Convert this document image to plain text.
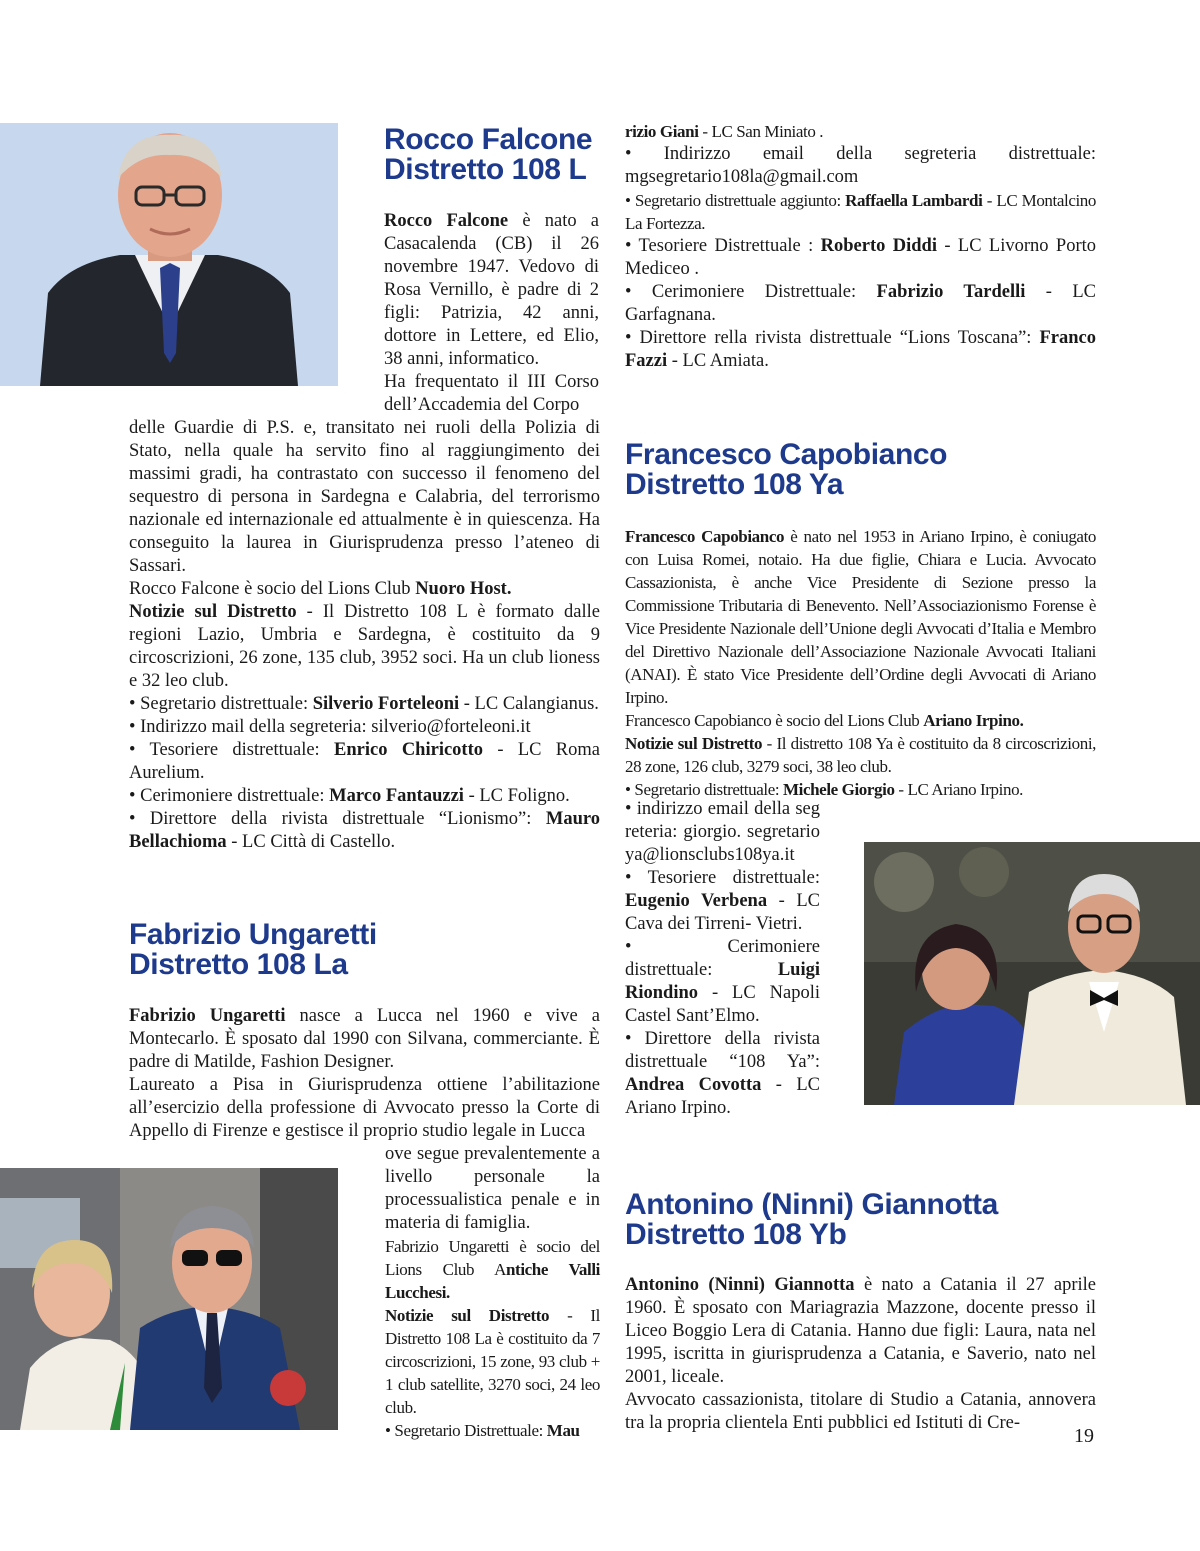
Rocco Falcone
Distretto 108 L

Rocco Falcone è nato a Casacalenda (CB) il 26 novembre 1947. Vedovo di Rosa Vernillo, è padre di 2 figli: Patrizia, 42 anni, dottore in Lettere, ed Elio, 38 anni, informatico.
Ha frequentato il III Corso dell’Accademia del Corpo

delle Guardie di P.S. e, transitato nei ruoli della Polizia di Stato, nella quale ha servito fino al raggiungimento dei massimi gradi, ha contrastato con successo il fenomeno del sequestro di persona in Sardegna e Calabria, del terrorismo nazionale ed internazionale ed attualmente è in quiescenza. Ha conseguito la laurea in Giurisprudenza presso l’ateneo di Sassari.
Rocco Falcone è socio del Lions Club Nuoro Host.
Notizie sul Distretto - Il Distretto 108 L è formato dalle regioni Lazio, Umbria e Sardegna, è costituito da 9 circoscrizioni, 26 zone, 135 club, 3952 soci. Ha un club lioness e 32 leo club.
• Segretario distrettuale: Silverio Forteleoni - LC Calangianus.
• Indirizzo mail della segreteria: silverio@forteleoni.it
• Tesoriere distrettuale: Enrico Chiricotto - LC Roma Aurelium.
• Cerimoniere distrettuale: Marco Fantauzzi - LC Foligno.
• Direttore della rivista distrettuale “Lionismo”: Mauro Bellachioma - LC Città di Castello.
Fabrizio Ungaretti
Distretto 108 La
Fabrizio Ungaretti nasce a Lucca nel 1960 e vive a Montecarlo. È sposato dal 1990 con Silvana, commerciante. È padre di Matilde, Fashion Designer.
Laureato a Pisa in Giurisprudenza ottiene l’abilitazione all’esercizio della professione di Avvocato presso la Corte di Appello di Firenze e gestisce il proprio studio legale in Lucca
ove segue prevalentemente a livello personale la processualistica penale e in materia di famiglia.
Fabrizio Ungaretti è socio del Lions Club Antiche Valli Lucchesi.
Notizie sul Distretto - Il Distretto 108 La è costituito da 7 circoscrizioni, 15 zone, 93 club + 1 club satellite, 3270 soci, 24 leo club.
• Segretario Distrettuale: Mau
rizio Giani - LC San Miniato .
• Indirizzo email della segreteria distrettuale: mgsegretario108la@gmail.com
• Segretario distrettuale aggiunto: Raffaella Lambardi - LC Montalcino La Fortezza.
• Tesoriere Distrettuale : Roberto Diddi - LC Livorno Porto Mediceo .
• Cerimoniere Distrettuale: Fabrizio Tardelli - LC Garfagnana.
• Direttore rella rivista distrettuale “Lions Toscana”: Franco Fazzi - LC Amiata.
Francesco Capobianco
Distretto 108 Ya
Francesco Capobianco è nato nel 1953 in Ariano Irpino, è coniugato con Luisa Romei, notaio. Ha due figlie, Chiara e Lucia. Avvocato Cassazionista, è anche Vice Presidente di Sezione presso la Commissione Tributaria di Benevento. Nell’Associazionismo Forense è Vice Presidente Nazionale dell’Unione degli Avvocati d’Italia e Membro del Direttivo Nazionale dell’Associazione Nazionale Avvocati Italiani (ANAI). È stato Vice Presidente dell’Ordine degli Avvocati di Ariano Irpino.
Francesco Capobianco è socio del Lions Club Ariano Irpino.
Notizie sul Distretto - Il distretto 108 Ya è costituito da 8 circoscrizioni, 28 zone, 126 club, 3279 soci, 38 leo club.
• Segretario distrettuale: Michele Giorgio - LC Ariano Irpino.
• indirizzo email della segreteria: giorgio. segretarioya@lionsclubs108ya.it
• Tesoriere distrettuale: Eugenio Verbena - LC Cava dei Tirreni- Vietri.
• Cerimoniere distrettuale: Luigi Riondino - LC Napoli Castel Sant’Elmo.
• Direttore della rivista distrettuale “108 Ya”: Andrea Covotta - LC Ariano Irpino.
Antonino (Ninni) Giannotta
Distretto 108 Yb
Antonino (Ninni) Giannotta è nato a Catania il 27 aprile 1960. È sposato con Mariagrazia Mazzone, docente presso il Liceo Boggio Lera di Catania. Hanno due figli: Laura, nata nel 1995, iscritta in giurisprudenza a Catania, e Saverio, nato nel 2001, liceale.
Avvocato cassazionista, titolare di Studio a Catania, annovera tra la propria clientela Enti pubblici ed Istituti di Cre-
19
